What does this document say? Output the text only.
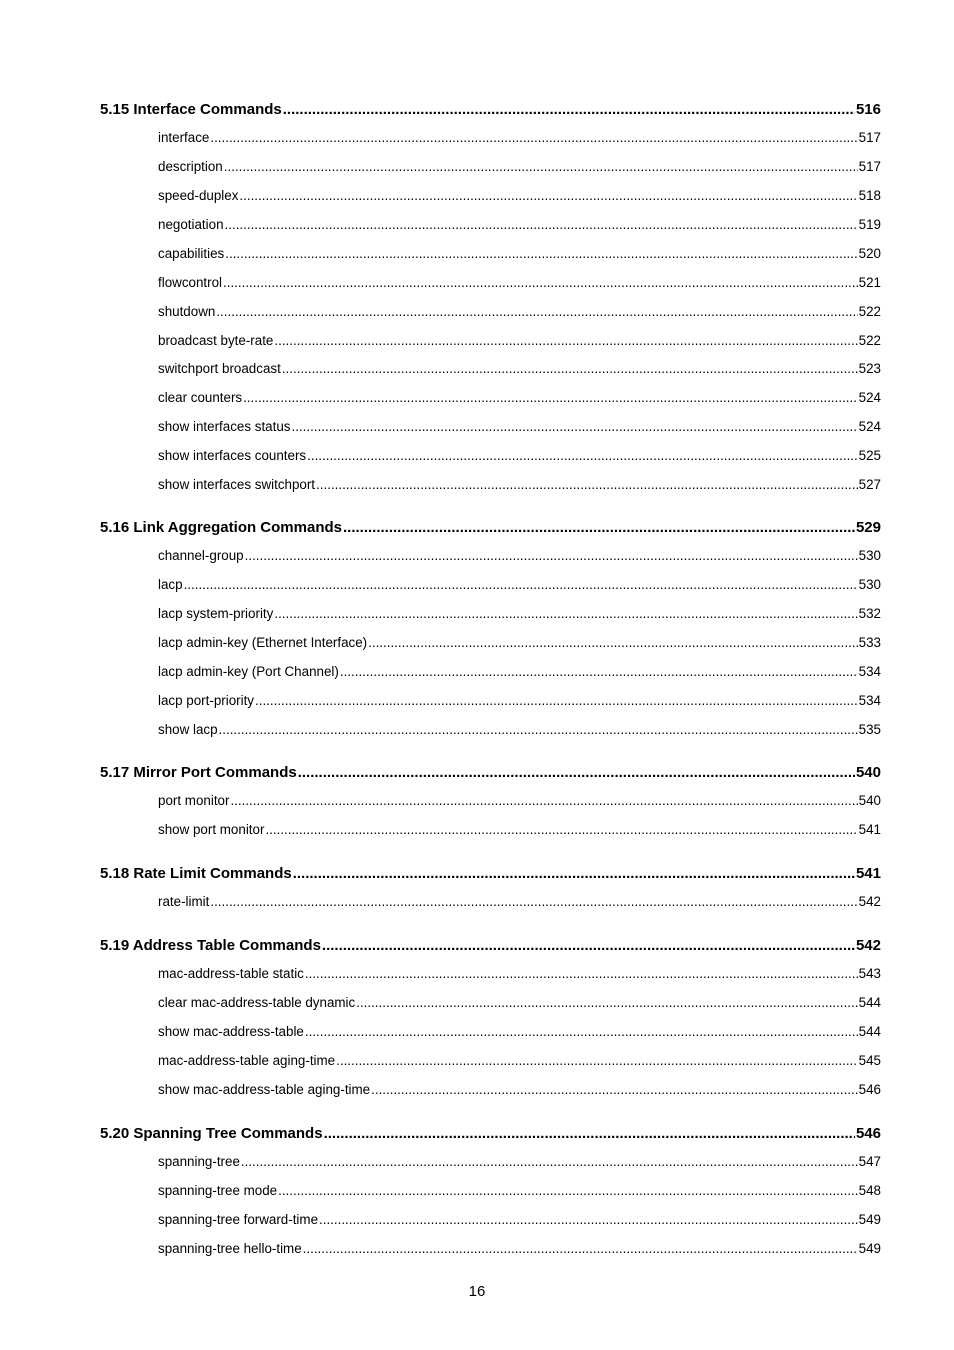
5.15 Interface Commands .....	516
interface .....	517
description .....	517
speed-duplex .....	518
negotiation .....	519
capabilities .....	520
flowcontrol .....	521
shutdown .....	522
broadcast byte-rate .....	522
switchport broadcast .....	523
clear counters .....	524
show interfaces status .....	524
show interfaces counters .....	525
show interfaces switchport .....	527
5.16 Link Aggregation Commands .....	529
channel-group .....	530
lacp .....	530
lacp system-priority .....	532
lacp admin-key (Ethernet Interface) .....	533
lacp admin-key (Port Channel) .....	534
lacp port-priority .....	534
show lacp .....	535
5.17 Mirror Port Commands .....	540
port monitor .....	540
show port monitor .....	541
5.18 Rate Limit Commands .....	541
rate-limit .....	542
5.19 Address Table Commands .....	542
mac-address-table static .....	543
clear mac-address-table dynamic .....	544
show mac-address-table .....	544
mac-address-table aging-time .....	545
show mac-address-table aging-time .....	546
5.20 Spanning Tree Commands .....	546
spanning-tree .....	547
spanning-tree mode .....	548
spanning-tree forward-time .....	549
spanning-tree hello-time .....	549
16
